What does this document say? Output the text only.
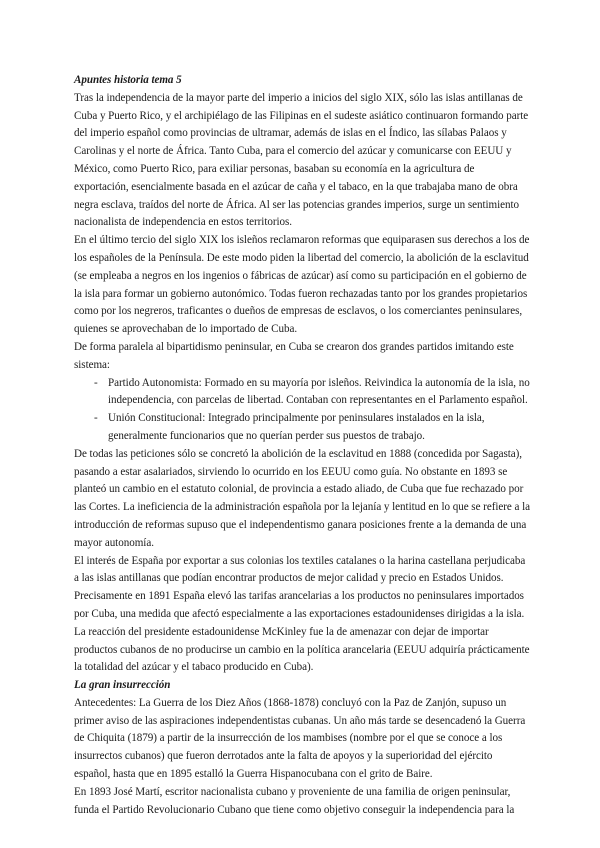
Apuntes historia tema 5

Tras la independencia de la mayor parte del imperio a inicios del siglo XIX, sólo las islas antillanas de Cuba y Puerto Rico, y el archipiélago de las Filipinas en el sudeste asiático continuaron formando parte del imperio español como provincias de ultramar, además de islas en el Índico, las sílabas Palaos y Carolinas y el norte de África. Tanto Cuba, para el comercio del azúcar y comunicarse con EEUU y México, como Puerto Rico, para exiliar personas, basaban su economía en la agricultura de exportación, esencialmente basada en el azúcar de caña y el tabaco, en la que trabajaba mano de obra negra esclava, traídos del norte de África. Al ser las potencias grandes imperios, surge un sentimiento nacionalista de independencia en estos territorios.

En el último tercio del siglo XIX los isleños reclamaron reformas que equiparasen sus derechos a los de los españoles de la Península. De este modo piden la libertad del comercio, la abolición de la esclavitud (se empleaba a negros en los ingenios o fábricas de azúcar) así como su participación en el gobierno de la isla para formar un gobierno autonómico. Todas fueron rechazadas tanto por los grandes propietarios como por los negreros, traficantes o dueños de empresas de esclavos, o los comerciantes peninsulares, quienes se aprovechaban de lo importado de Cuba.

De forma paralela al bipartidismo peninsular, en Cuba se crearon dos grandes partidos imitando este sistema:

- Partido Autonomista: Formado en su mayoría por isleños. Reivindica la autonomía de la isla, no independencia, con parcelas de libertad. Contaban con representantes en el Parlamento español.
- Unión Constitucional: Integrado principalmente por peninsulares instalados en la isla, generalmente funcionarios que no querían perder sus puestos de trabajo.

De todas las peticiones sólo se concretó la abolición de la esclavitud en 1888 (concedida por Sagasta), pasando a estar asalariados, sirviendo lo ocurrido en los EEUU como guía. No obstante en 1893 se planteó un cambio en el estatuto colonial, de provincia a estado aliado, de Cuba que fue rechazado por las Cortes. La ineficiencia de la administración española por la lejanía y lentitud en lo que se refiere a la introducción de reformas supuso que el independentismo ganara posiciones frente a la demanda de una mayor autonomía.

El interés de España por exportar a sus colonias los textiles catalanes o la harina castellana perjudicaba a las islas antillanas que podían encontrar productos de mejor calidad y precio en Estados Unidos. Precisamente en 1891 España elevó las tarifas arancelarias a los productos no peninsulares importados por Cuba, una medida que afectó especialmente a las exportaciones estadounidenses dirigidas a la isla. La reacción del presidente estadounidense McKinley fue la de amenazar con dejar de importar productos cubanos de no producirse un cambio en la política arancelaria (EEUU adquiría prácticamente la totalidad del azúcar y el tabaco producido en Cuba).

La gran insurrección

Antecedentes: La Guerra de los Diez Años (1868-1878) concluyó con la Paz de Zanjón, supuso un primer aviso de las aspiraciones independentistas cubanas. Un año más tarde se desencadenó la Guerra de Chiquita (1879) a partir de la insurrección de los mambises (nombre por el que se conoce a los insurrectos cubanos) que fueron derrotados ante la falta de apoyos y la superioridad del ejército español, hasta que en 1895 estalló la Guerra Hispanocubana con el grito de Baire.

En 1893 José Martí, escritor nacionalista cubano y proveniente de una familia de origen peninsular, funda el Partido Revolucionario Cubano que tiene como objetivo conseguir la independencia para la
